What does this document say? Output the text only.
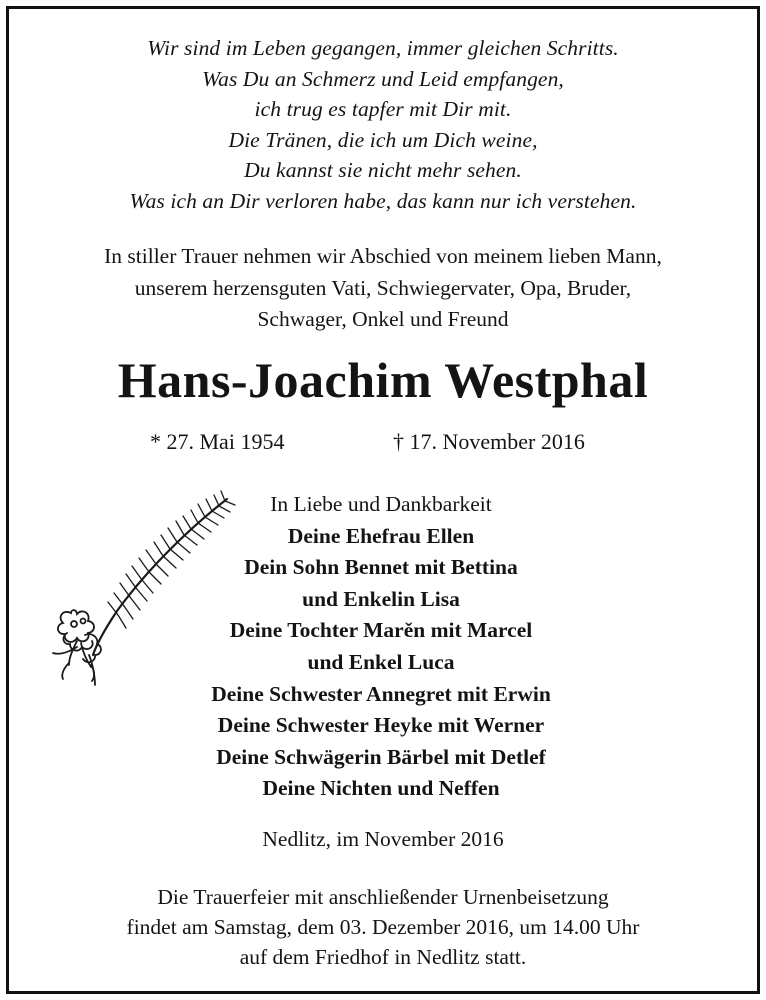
Wir sind im Leben gegangen, immer gleichen Schritts.
Was Du an Schmerz und Leid empfangen,
ich trug es tapfer mit Dir mit.
Die Tränen, die ich um Dich weine,
Du kannst sie nicht mehr sehen.
Was ich an Dir verloren habe, das kann nur ich verstehen.
In stiller Trauer nehmen wir Abschied von meinem lieben Mann,
unserem herzensguten Vati, Schwiegervater, Opa, Bruder,
Schwager, Onkel und Freund
Hans-Joachim Westphal
* 27. Mai 1954	† 17. November 2016
In Liebe und Dankbarkeit
Deine Ehefrau Ellen
Dein Sohn Bennet mit Bettina
und Enkelin Lisa
Deine Tochter Marěn mit Marcel
und Enkel Luca
Deine Schwester Annegret mit Erwin
Deine Schwester Heyke mit Werner
Deine Schwägerin Bärbel mit Detlef
Deine Nichten und Neffen
Nedlitz, im November 2016
Die Trauerfeier mit anschließender Urnenbeisetzung
findet am Samstag, dem 03. Dezember 2016, um 14.00 Uhr
auf dem Friedhof in Nedlitz statt.
